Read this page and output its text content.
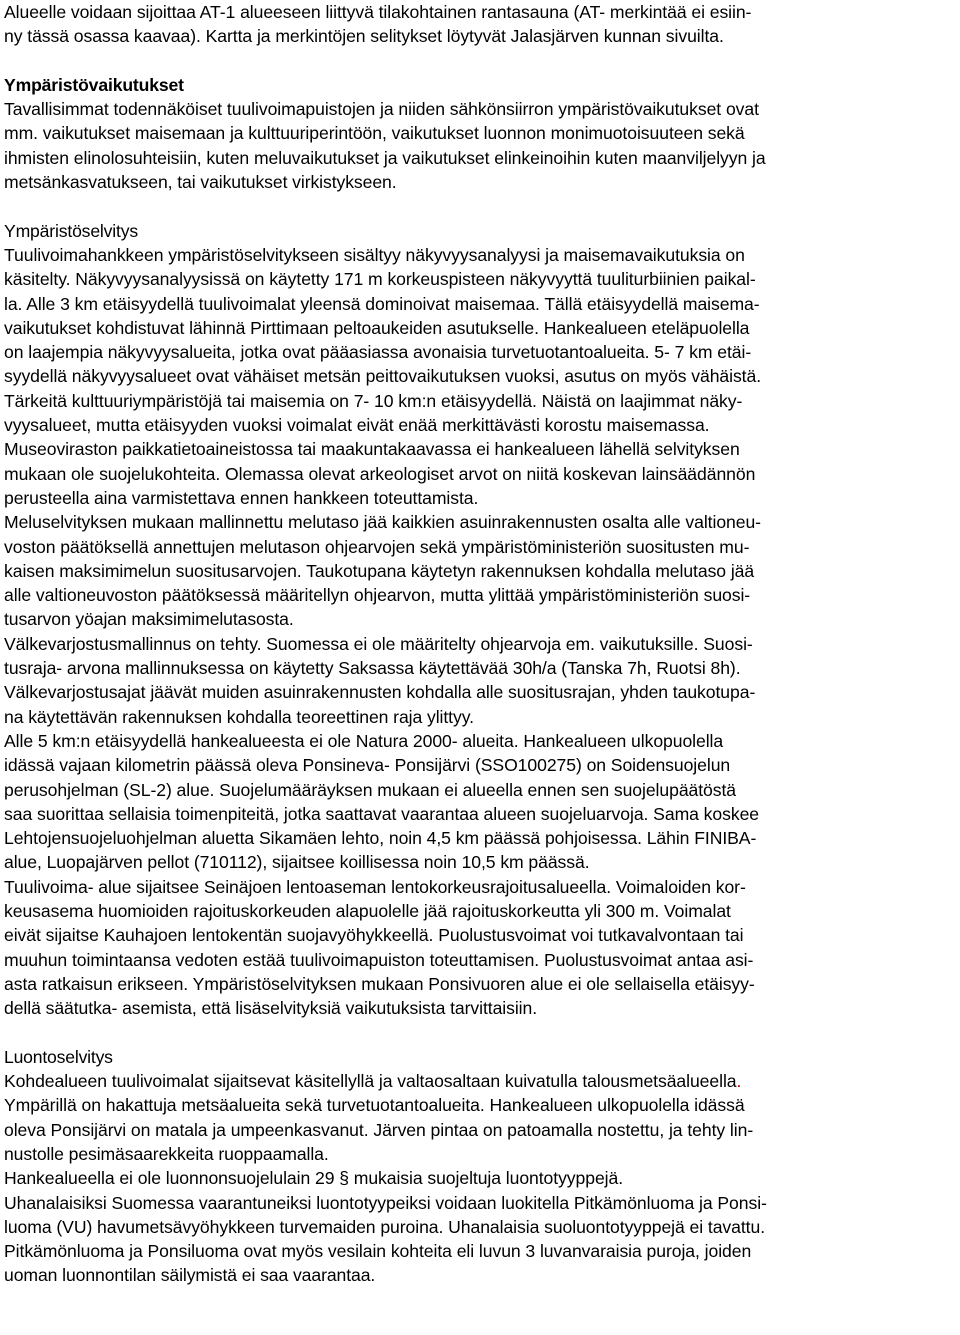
Alueelle voidaan sijoittaa AT-1 alueeseen liittyvä tilakohtainen rantasauna (AT- merkintää ei esiin-
ny tässä osassa kaavaa). Kartta ja merkintöjen selitykset löytyvät Jalasjärven kunnan sivuilta.
Ympäristövaikutukset
Tavallisimmat todennäköiset tuulivoimapuistojen ja niiden sähkönsiirron ympäristövaikutukset ovat
mm. vaikutukset maisemaan ja kulttuuriperintöön, vaikutukset luonnon monimuotoisuuteen sekä
ihmisten elinolosuhteisiin, kuten meluvaikutukset ja vaikutukset elinkeinoihin kuten maanviljelyyn ja
metsänkasvatukseen, tai vaikutukset virkistykseen.
Ympäristöselvitys
Tuulivoimahankkeen ympäristöselvitykseen sisältyy näkyvyysanalyysi ja maisemavaikutuksia on
käsitelty. Näkyvyysanalyysissä on käytetty 171 m korkeuspisteen näkyvyyttä tuuliturbiinien paikal-
la. Alle 3 km etäisyydellä tuulivoimalat yleensä dominoivat maisemaa. Tällä etäisyydellä maisema-
vaikutukset kohdistuvat lähinnä Pirttimaan peltoaukeiden asutukselle. Hankealueen eteläpuolella
on laajempia näkyvyysalueita, jotka ovat pääasiassa avonaisia turvetuotantoalueita. 5- 7 km etäi-
syydellä näkyvyysalueet ovat vähäiset metsän peittovaikutuksen vuoksi, asutus on myös vähäistä.
Tärkeitä kulttuuriympäristöjä tai maisemia on 7- 10 km:n etäisyydellä. Näistä on laajimmat näky-
vyysalueet, mutta etäisyyden vuoksi voimalat eivät enää merkittävästi korostu maisemassa.
Museoviraston paikkatietoaineistossa tai maakuntakaavassa ei hankealueen lähellä selvityksen
mukaan ole suojelukohteita. Olemassa olevat arkeologiset arvot on niitä koskevan lainsäädännön
perusteella aina varmistettava ennen hankkeen toteuttamista.
Meluselvityksen mukaan mallinnettu melutaso jää kaikkien asuinrakennusten osalta alle valtioneu-
voston päätöksellä annettujen melutason ohjearvojen sekä ympäristöministeriön suositusten mu-
kaisen maksimimelun suositusarvojen. Taukotupana käytetyn rakennuksen kohdalla melutaso jää
alle valtioneuvoston päätöksessä määritellyn ohjearvon, mutta ylittää ympäristöministeriön suosi-
tusarvon yöajan maksimimelutasosta.
Välkevarjostusmallinnus on tehty. Suomessa ei ole määritelty ohjearvoja em. vaikutuksille. Suosi-
tusraja- arvona mallinnuksessa on käytetty Saksassa käytettävää 30h/a (Tanska 7h, Ruotsi 8h).
Välkevarjostusajat jäävät muiden asuinrakennusten kohdalla alle suositusrajan, yhden taukotupa-
na käytettävän rakennuksen kohdalla teoreettinen raja ylittyy.
Alle 5 km:n etäisyydellä hankealueesta ei ole Natura 2000- alueita. Hankealueen ulkopuolella
idässä vajaan kilometrin päässä oleva Ponsineva- Ponsijärvi (SSO100275) on Soidensuojelun
perusohjelman (SL-2) alue. Suojelumääräyksen mukaan ei alueella ennen sen suojelupäätöstä
saa suorittaa sellaisia toimenpiteitä, jotka saattavat vaarantaa alueen suojeluarvoja. Sama koskee
Lehtojensuojeluohjelman aluetta Sikamäen lehto, noin 4,5 km päässä pohjoisessa. Lähin FINIBA-
alue, Luopajärven pellot (710112), sijaitsee koillisessa noin 10,5 km päässä.
Tuulivoima- alue sijaitsee Seinäjoen lentoaseman lentokorkeusrajoitusalueella. Voimaloiden kor-
keusasema huomioiden rajoituskorkeuden alapuolelle jää rajoituskorkeutta yli 300 m. Voimalat
eivät sijaitse Kauhajoen lentokentän suojavyöhykkeellä. Puolustusvoimat voi tutkavalvontaan tai
muuhun toimintaansa vedoten estää tuulivoimapuiston toteuttamisen. Puolustusvoimat antaa asi-
asta ratkaisun erikseen. Ympäristöselvityksen mukaan Ponsivuoren alue ei ole sellaisella etäisyy-
dellä säätutka- asemista, että lisäselvityksiä vaikutuksista tarvittaisiin.
Luontoselvitys
Kohdealueen tuulivoimalat sijaitsevat käsitellyllä ja valtaosaltaan kuivatulla talousmetsäalueella.
Ympärillä on hakattuja metsäalueita sekä turvetuotantoalueita. Hankealueen ulkopuolella idässä
oleva Ponsijärvi on matala ja umpeenkasvanut. Järven pintaa on patoamalla nostettu, ja tehty lin-
nustolle pesimäsaarekkeita ruoppaamalla.
Hankealueella ei ole luonnonsuojelulain 29 § mukaisia suojeltuja luontotyyppejä.
Uhanalaisiksi Suomessa vaarantuneiksi luontotyypeiksi voidaan luokitella Pitkämönluoma ja Ponsi-
luoma (VU) havumetsävyöhykkeen turvemaiden puroina. Uhanalaisia suoluontotyyppejä ei tavattu.
Pitkämönluoma ja Ponsiluoma ovat myös vesilain kohteita eli luvun 3 luvanvaraisia puroja, joiden
uoman luonnontilan säilymistä ei saa vaarantaa.
